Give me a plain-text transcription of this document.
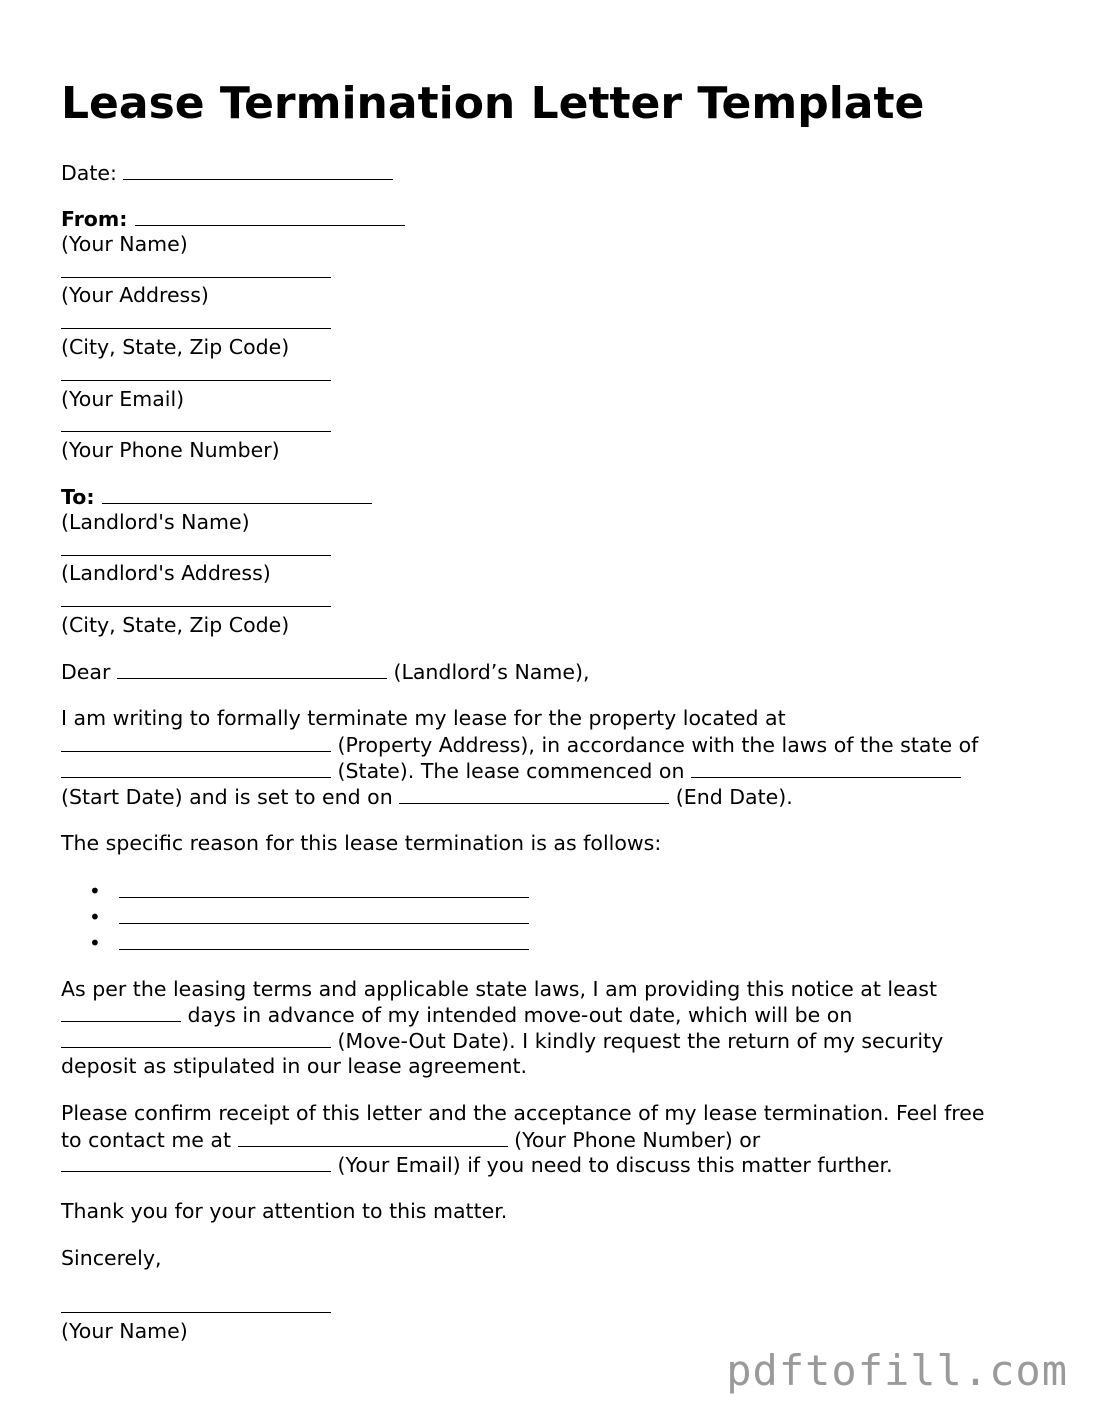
Lease Termination Letter Template
Date:
From:
(Your Name)
(Your Address)
(City, State, Zip Code)
(Your Email)
(Your Phone Number)
To:
(Landlord's Name)
(Landlord's Address)
(City, State, Zip Code)
Dear	(Landlord’s Name),
I am writing to formally terminate my lease for the property located at
(Property Address), in accordance with the laws of the state of
(State). The lease commenced on
(Start Date) and is set to end on	(End Date).
The specific reason for this lease termination is as follows:
•
•
•
As per the leasing terms and applicable state laws, I am providing this notice at least
days in advance of my intended move-out date, which will be on
(Move-Out Date). I kindly request the return of my security
deposit as stipulated in our lease agreement.
Please confirm receipt of this letter and the acceptance of my lease termination. Feel free
to contact me at	(Your Phone Number) or
(Your Email) if you need to discuss this matter further.
Thank you for your attention to this matter.
Sincerely,
(Your Name)
pdftofill.com
